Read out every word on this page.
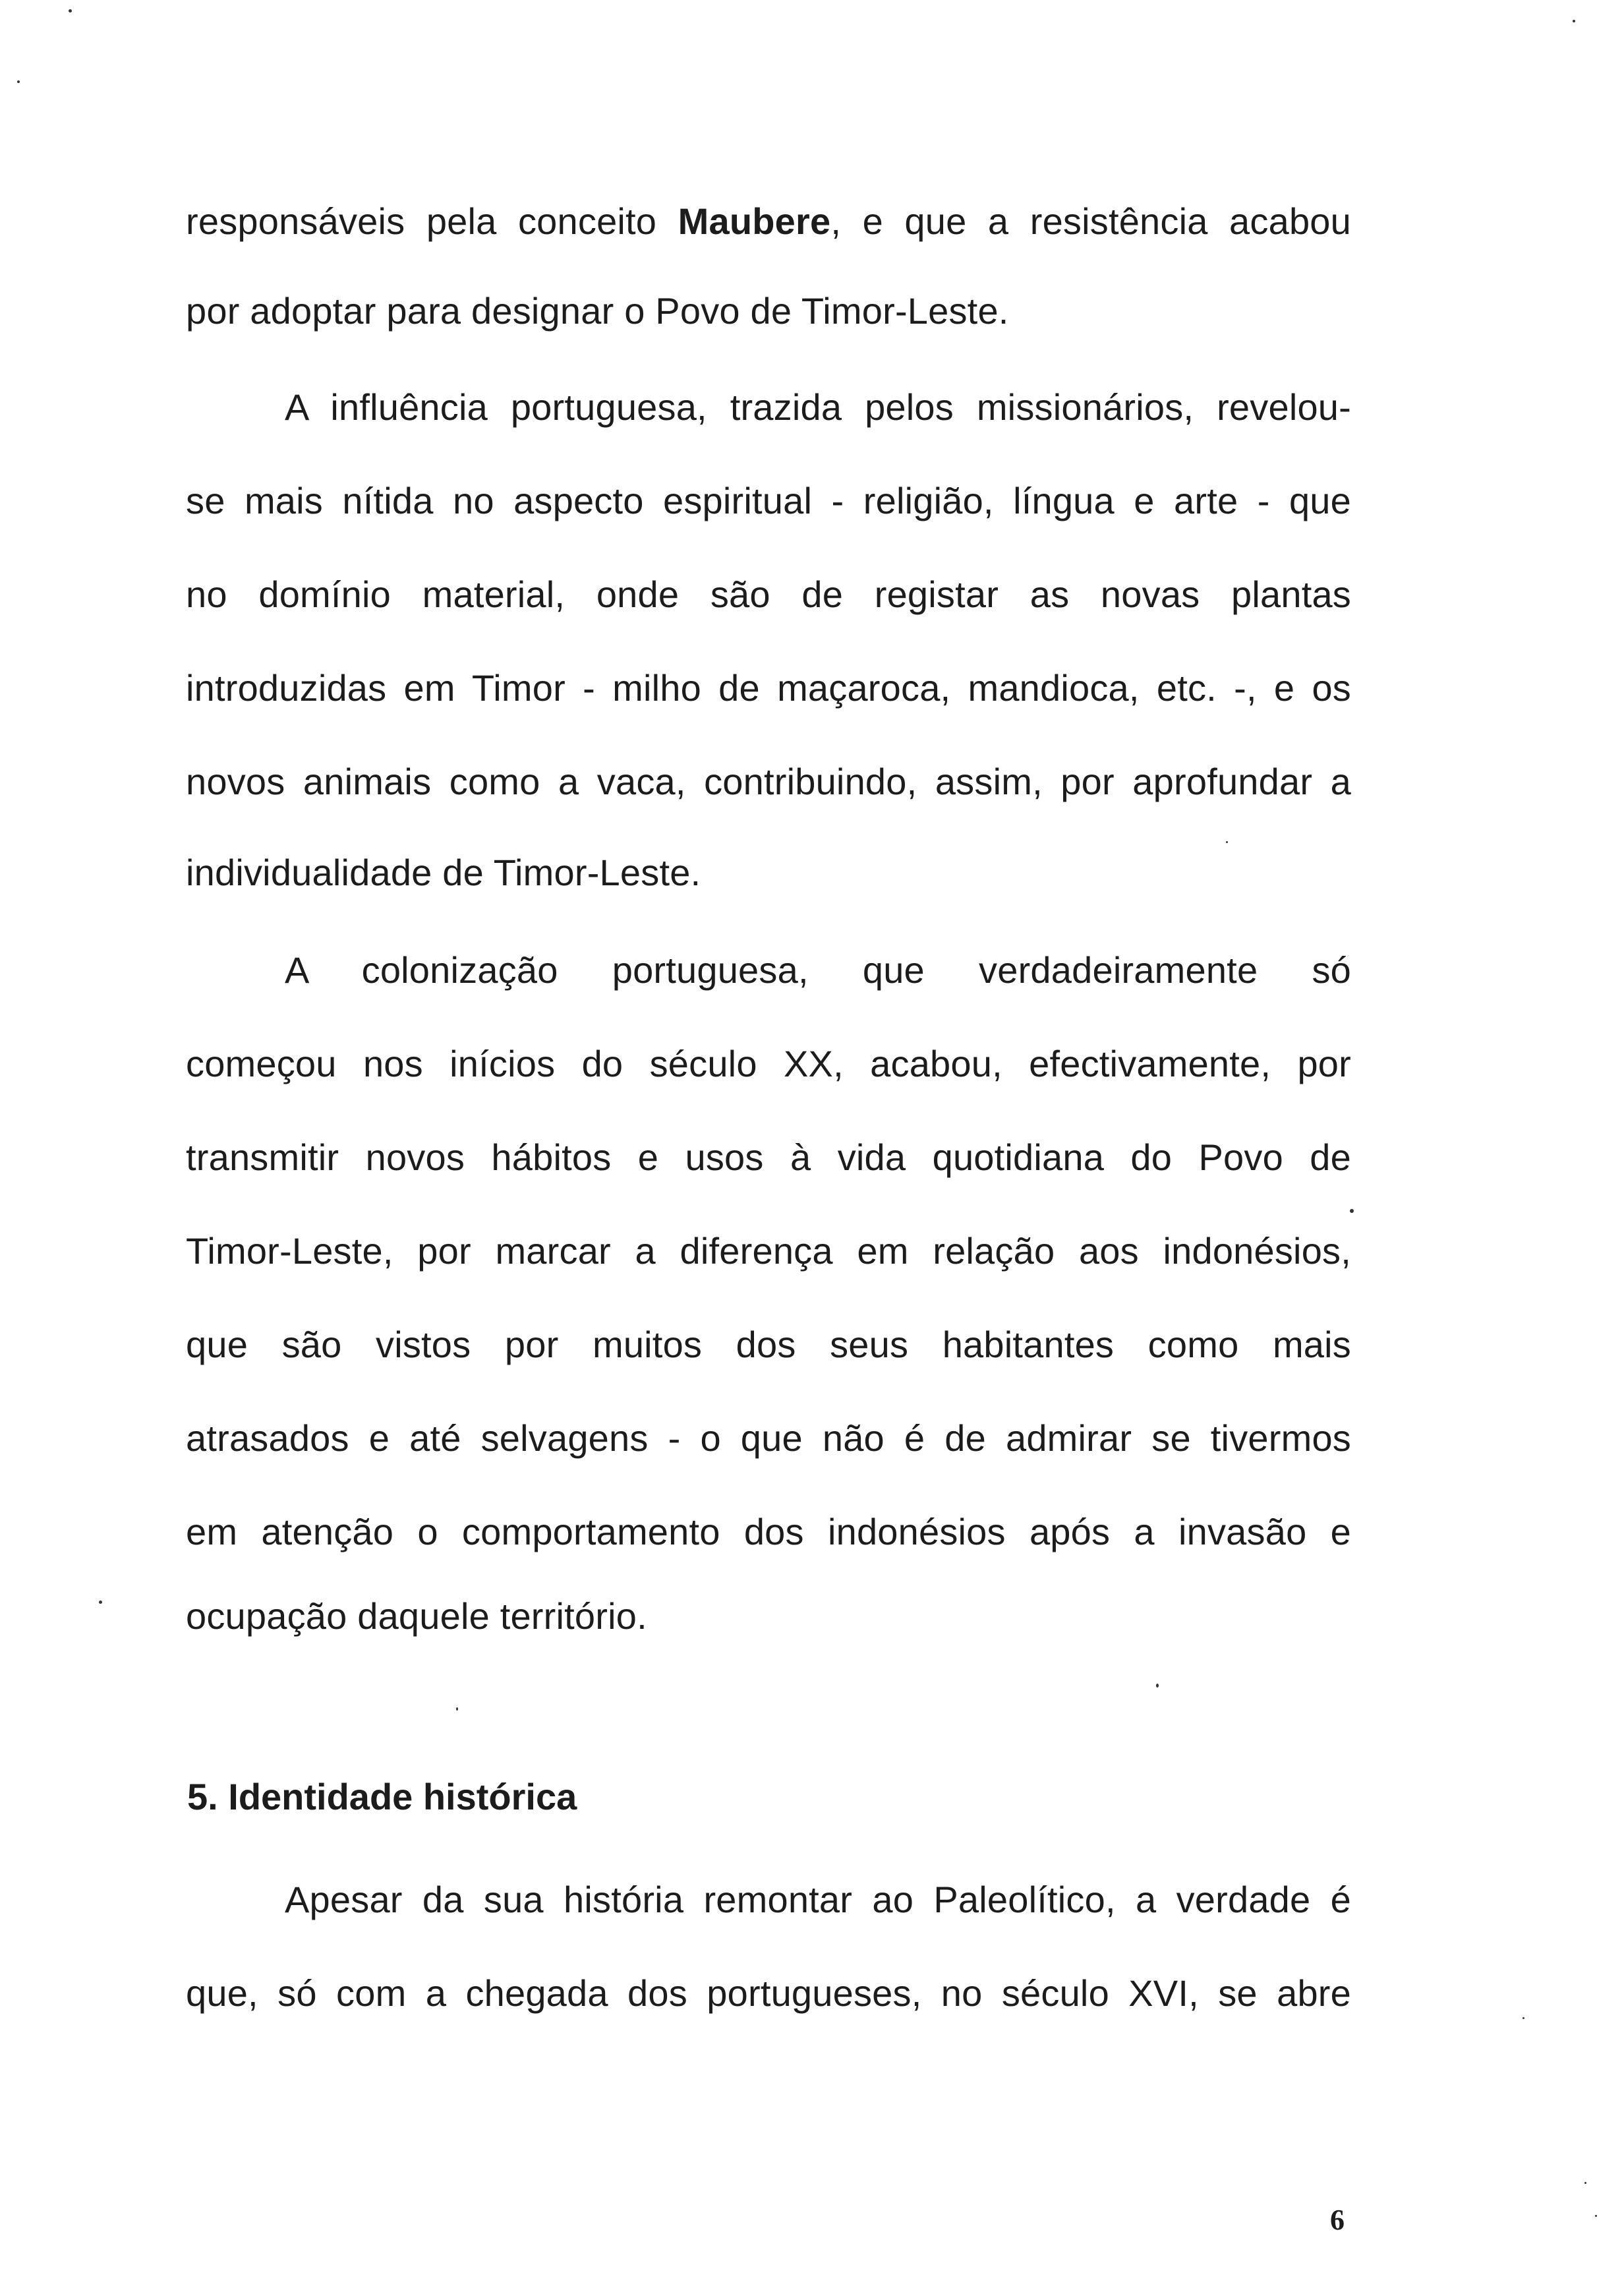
responsáveis pela conceito Maubere, e que a resistência acabou
por adoptar para designar o Povo de Timor-Leste.
A influência portuguesa, trazida pelos missionários, revelou-
se mais nítida no aspecto espiritual - religião, língua e arte - que
no domínio material, onde são de registar as novas plantas
introduzidas em Timor - milho de maçaroca, mandioca, etc. -, e os
novos animais como a vaca, contribuindo, assim, por aprofundar a
individualidade de Timor-Leste.
A colonização portuguesa, que verdadeiramente só
começou nos inícios do século XX, acabou, efectivamente, por
transmitir novos hábitos e usos à vida quotidiana do Povo de
Timor-Leste, por marcar a diferença em relação aos indonésios,
que são vistos por muitos dos seus habitantes como mais
atrasados e até selvagens - o que não é de admirar se tivermos
em atenção o comportamento dos indonésios após a invasão e
ocupação daquele território.
5. Identidade histórica
Apesar da sua história remontar ao Paleolítico, a verdade é
que, só com a chegada dos portugueses, no século XVI, se abre
6
